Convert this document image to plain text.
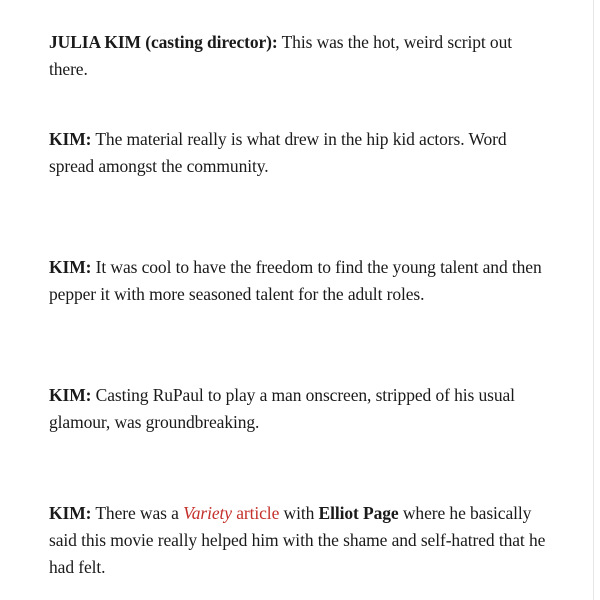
JULIA KIM (casting director): This was the hot, weird script out there.

KIM: The material really is what drew in the hip kid actors. Word spread amongst the community.

KIM: It was cool to have the freedom to find the young talent and then pepper it with more seasoned talent for the adult roles.

KIM: Casting RuPaul to play a man onscreen, stripped of his usual glamour, was groundbreaking.

KIM: There was a Variety article with Elliot Page where he basically said this movie really helped him with the shame and self-hatred that he had felt.
